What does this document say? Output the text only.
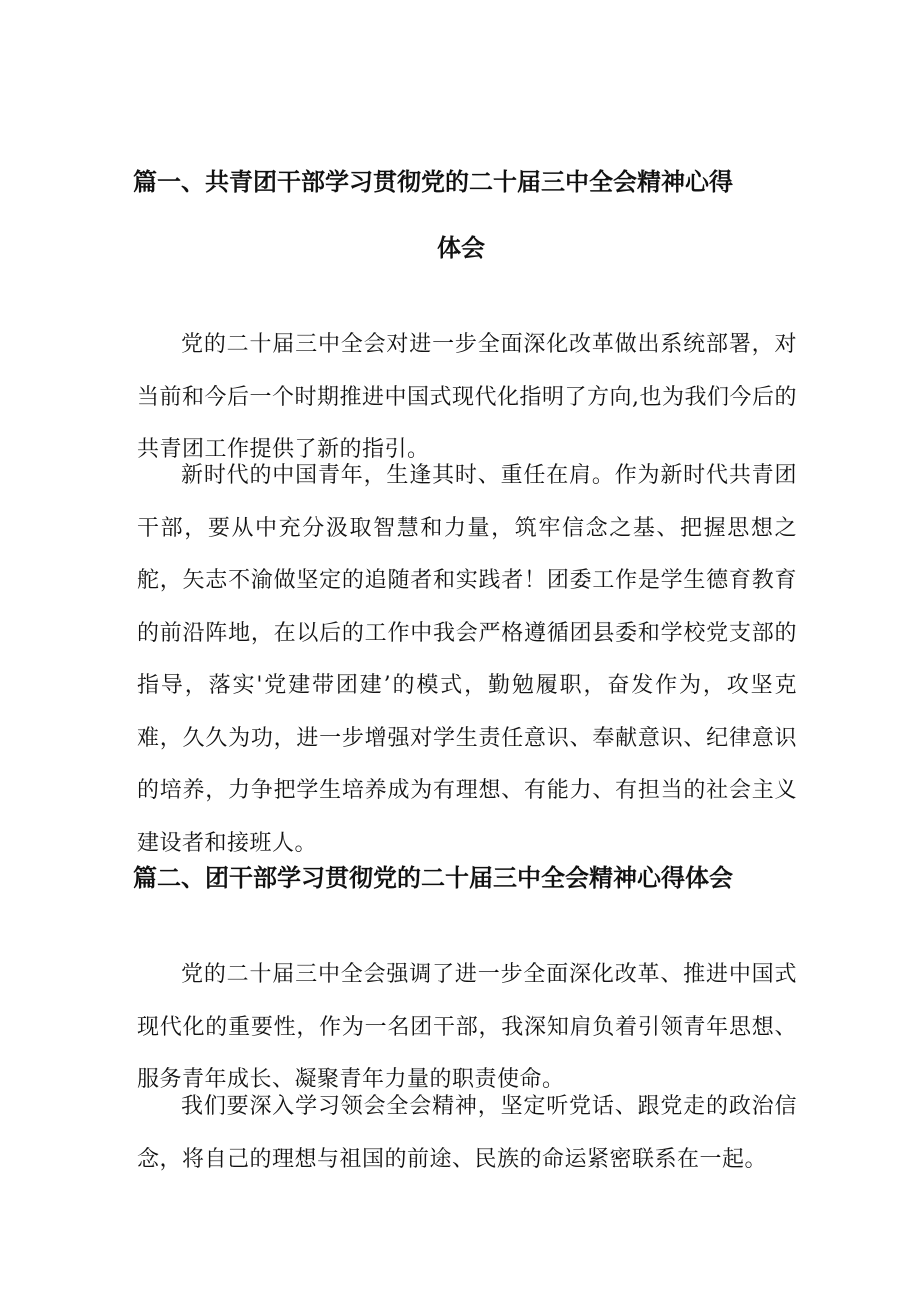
篇一、共青团干部学习贯彻党的二十届三中全会精神心得
体会

党的二十届三中全会对进一步全面深化改革做出系统部署，对当前和今后一个时期推进中国式现代化指明了方向,也为我们今后的共青团工作提供了新的指引。

新时代的中国青年，生逢其时、重任在肩。作为新时代共青团干部，要从中充分汲取智慧和力量，筑牢信念之基、把握思想之舵，矢志不渝做坚定的追随者和实践者！团委工作是学生德育教育的前沿阵地，在以后的工作中我会严格遵循团县委和学校党支部的指导，落实'党建带团建’的模式，勤勉履职，奋发作为，攻坚克难，久久为功，进一步增强对学生责任意识、奉献意识、纪律意识的培养，力争把学生培养成为有理想、有能力、有担当的社会主义建设者和接班人。

篇二、团干部学习贯彻党的二十届三中全会精神心得体会

党的二十届三中全会强调了进一步全面深化改革、推进中国式现代化的重要性，作为一名团干部，我深知肩负着引领青年思想、服务青年成长、凝聚青年力量的职责使命。

我们要深入学习领会全会精神，坚定听党话、跟党走的政治信念，将自己的理想与祖国的前途、民族的命运紧密联系在一起。
